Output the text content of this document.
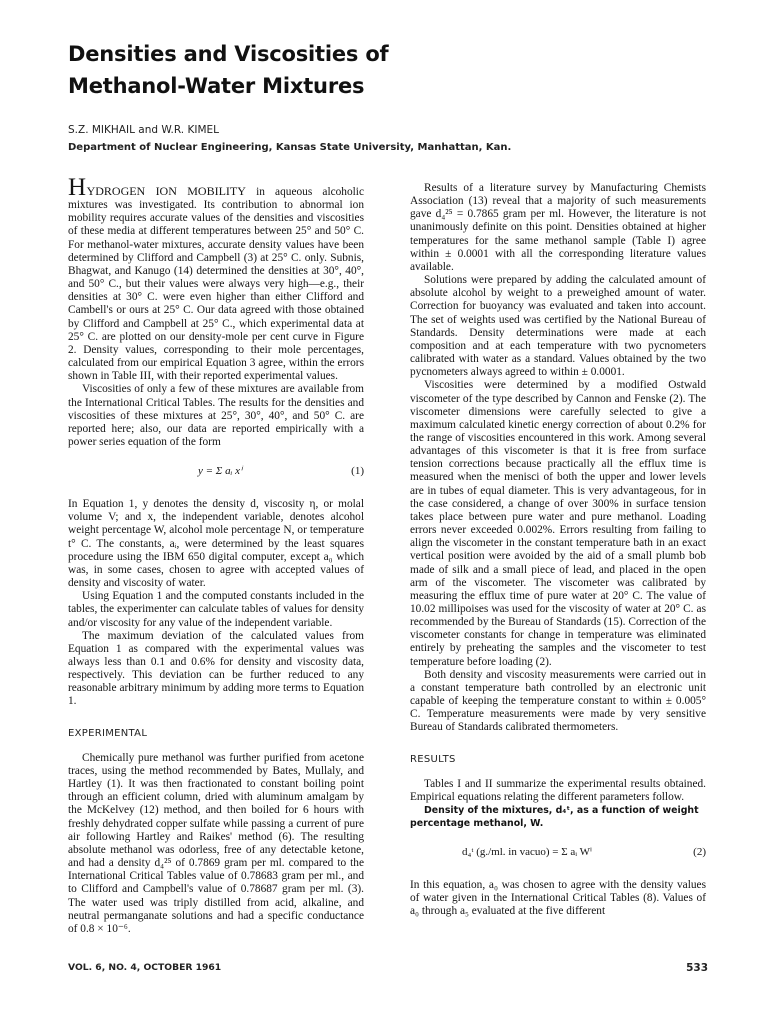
Densities and Viscosities of
Methanol-Water Mixtures
S.Z. MIKHAIL and W.R. KIMEL
Department of Nuclear Engineering, Kansas State University, Manhattan, Kan.

HYDROGEN ION MOBILITY in aqueous alcoholic mixtures was investigated. Its contribution to abnormal ion mobility requires accurate values of the densities and viscosities of these media at different temperatures between 25° and 50° C. For methanol-water mixtures, accurate density values have been determined by Clifford and Campbell (3) at 25° C. only. Subnis, Bhagwat, and Kanugo (14) determined the densities at 30°, 40°, and 50° C., but their values were always very high—e.g., their densities at 30° C. were even higher than either Clifford and Cambell's or ours at 25° C. Our data agreed with those obtained by Clifford and Campbell at 25° C., which experimental data at 25° C. are plotted on our density-mole per cent curve in Figure 2. Density values, corresponding to their mole percentages, calculated from our empirical Equation 3 agree, within the errors shown in Table III, with their reported experimental values.

Viscosities of only a few of these mixtures are available from the International Critical Tables. The results for the densities and viscosities of these mixtures at 25°, 30°, 40°, and 50° C. are reported here; also, our data are reported empirically with a power series equation of the form

y = Σ aᵢ xⁱ	(1)

In Equation 1, y denotes the density d, viscosity η, or molal volume V; and x, the independent variable, denotes alcohol weight percentage W, alcohol mole percentage N, or temperature t° C. The constants, aᵢ, were determined by the least squares procedure using the IBM 650 digital computer, except a₀ which was, in some cases, chosen to agree with accepted values of density and viscosity of water.

Using Equation 1 and the computed constants included in the tables, the experimenter can calculate tables of values for density and/or viscosity for any value of the independent variable.

The maximum deviation of the calculated values from Equation 1 as compared with the experimental values was always less than 0.1 and 0.6% for density and viscosity data, respectively. This deviation can be further reduced to any reasonable arbitrary minimum by adding more terms to Equation 1.

EXPERIMENTAL

Chemically pure methanol was further purified from acetone traces, using the method recommended by Bates, Mullaly, and Hartley (1). It was then fractionated to constant boiling point through an efficient column, dried with aluminum amalgam by the McKelvey (12) method, and then boiled for 6 hours with freshly dehydrated copper sulfate while passing a current of pure air following Hartley and Raikes' method (6). The resulting absolute methanol was odorless, free of any detectable ketone, and had a density d₄²⁵ of 0.7869 gram per ml. compared to the International Critical Tables value of 0.78683 gram per ml., and to Clifford and Campbell's value of 0.78687 gram per ml. (3). The water used was triply distilled from acid, alkaline, and neutral permanganate solutions and had a specific conductance of 0.8 × 10⁻⁶.

Results of a literature survey by Manufacturing Chemists Association (13) reveal that a majority of such measurements gave d₄²⁵ = 0.7865 gram per ml. However, the literature is not unanimously definite on this point. Densities obtained at higher temperatures for the same methanol sample (Table I) agree within ± 0.0001 with all the corresponding literature values available.

Solutions were prepared by adding the calculated amount of absolute alcohol by weight to a preweighed amount of water. Correction for buoyancy was evaluated and taken into account. The set of weights used was certified by the National Bureau of Standards. Density determinations were made at each composition and at each temperature with two pycnometers calibrated with water as a standard. Values obtained by the two pycnometers always agreed to within ± 0.0001.

Viscosities were determined by a modified Ostwald viscometer of the type described by Cannon and Fenske (2). The viscometer dimensions were carefully selected to give a maximum calculated kinetic energy correction of about 0.2% for the range of viscosities encountered in this work. Among several advantages of this viscometer is that it is free from surface tension corrections because practically all the efflux time is measured when the menisci of both the upper and lower levels are in tubes of equal diameter. This is very advantageous, for in the case considered, a change of over 300% in surface tension takes place between pure water and pure methanol. Loading errors never exceeded 0.002%. Errors resulting from failing to align the viscometer in the constant temperature bath in an exact vertical position were avoided by the aid of a small plumb bob made of silk and a small piece of lead, and placed in the open arm of the viscometer. The viscometer was calibrated by measuring the efflux time of pure water at 20° C. The value of 10.02 millipoises was used for the viscosity of water at 20° C. as recommended by the Bureau of Standards (15). Correction of the viscometer constants for change in temperature was eliminated entirely by preheating the samples and the viscometer to test temperature before loading (2).

Both density and viscosity measurements were carried out in a constant temperature bath controlled by an electronic unit capable of keeping the temperature constant to within ± 0.005° C. Temperature measurements were made by very sensitive Bureau of Standards calibrated thermometers.

RESULTS

Tables I and II summarize the experimental results obtained. Empirical equations relating the different parameters follow.

Density of the mixtures, d₄ᵗ, as a function of weight percentage methanol, W.

d₄ᵗ (g./ml. in vacuo) = Σ aᵢ Wⁱ	(2)

In this equation, a₀ was chosen to agree with the density values of water given in the International Critical Tables (8). Values of a₀ through a₅ evaluated at the five different

VOL. 6, NO. 4, OCTOBER 1961	533
